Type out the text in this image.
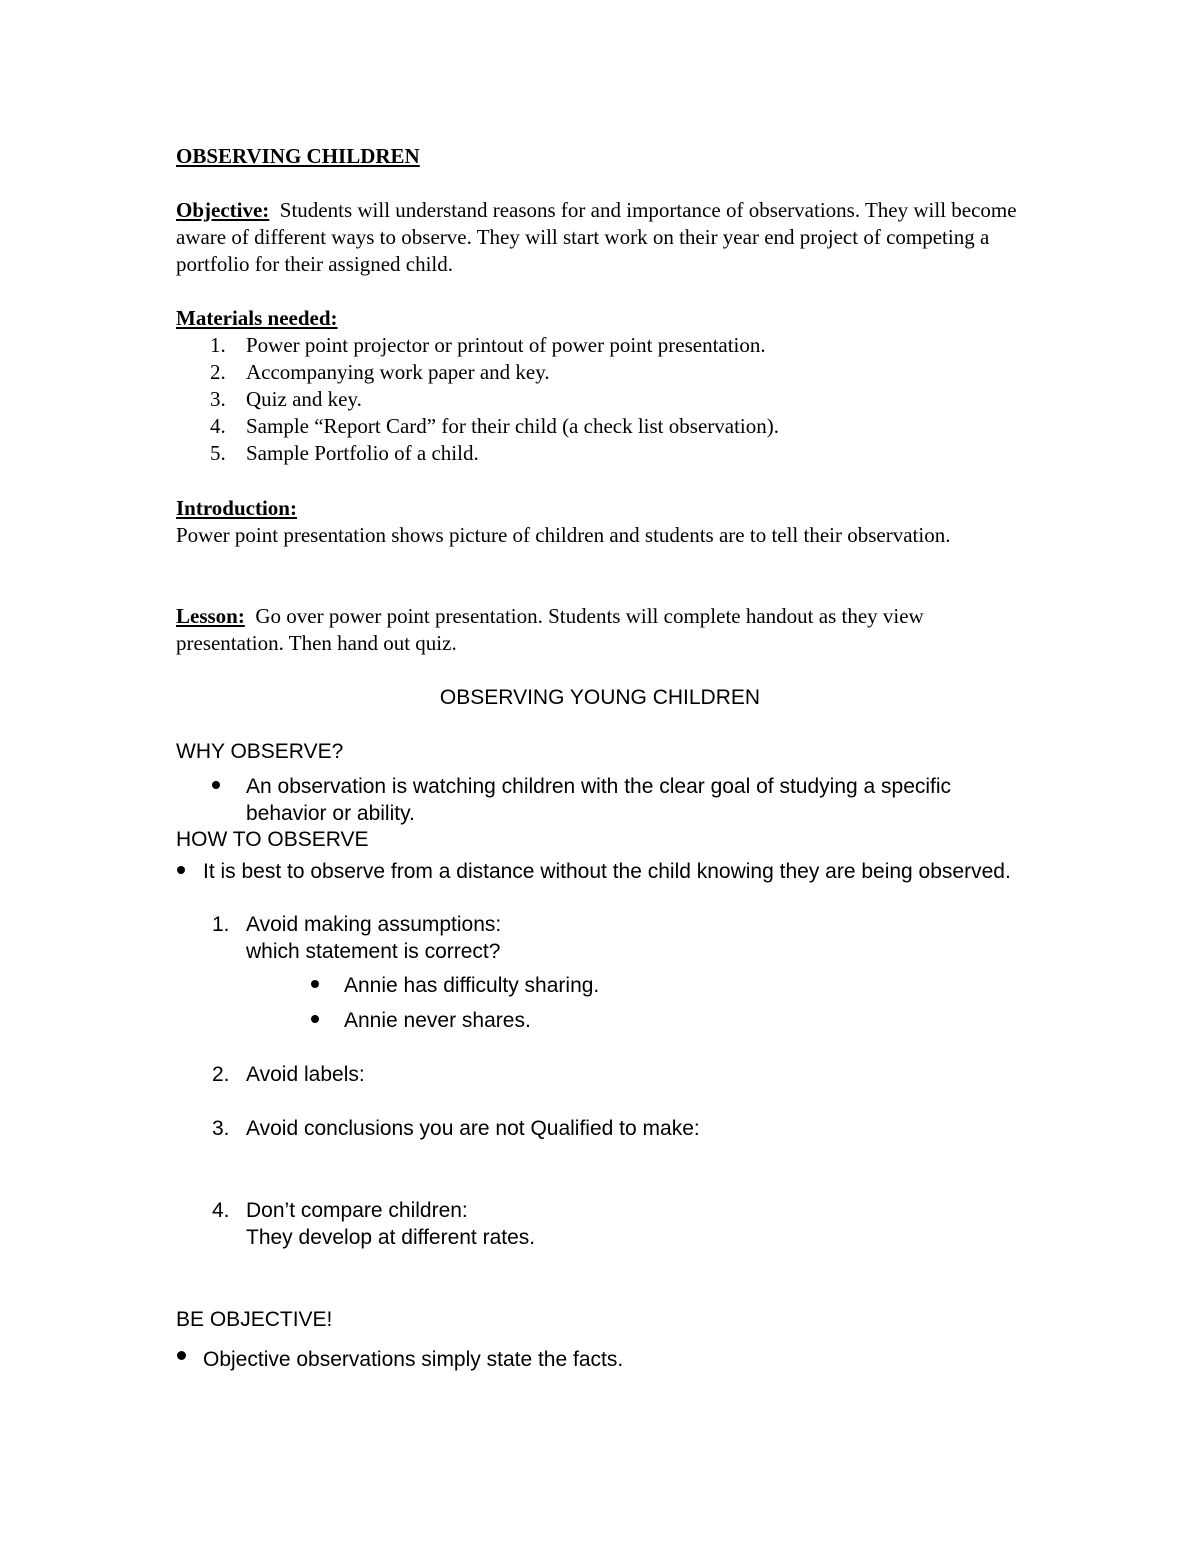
OBSERVING CHILDREN
Objective: Students will understand reasons for and importance of observations. They will become aware of different ways to observe. They will start work on their year end project of competing a portfolio for their assigned child.
Materials needed:
1. Power point projector or printout of power point presentation.
2. Accompanying work paper and key.
3. Quiz and key.
4. Sample “Report Card” for their child (a check list observation).
5. Sample Portfolio of a child.
Introduction:
Power point presentation shows picture of children and students are to tell their observation.
Lesson: Go over power point presentation. Students will complete handout as they view presentation. Then hand out quiz.
OBSERVING YOUNG CHILDREN
WHY OBSERVE?
An observation is watching children with the clear goal of studying a specific behavior or ability.
HOW TO OBSERVE
It is best to observe from a distance without the child knowing they are being observed.
1. Avoid making assumptions:
which statement is correct?
Annie has difficulty sharing.
Annie never shares.
2. Avoid labels:
3. Avoid conclusions you are not Qualified to make:
4. Don’t compare children:
They develop at different rates.
BE OBJECTIVE!
Objective observations simply state the facts.
